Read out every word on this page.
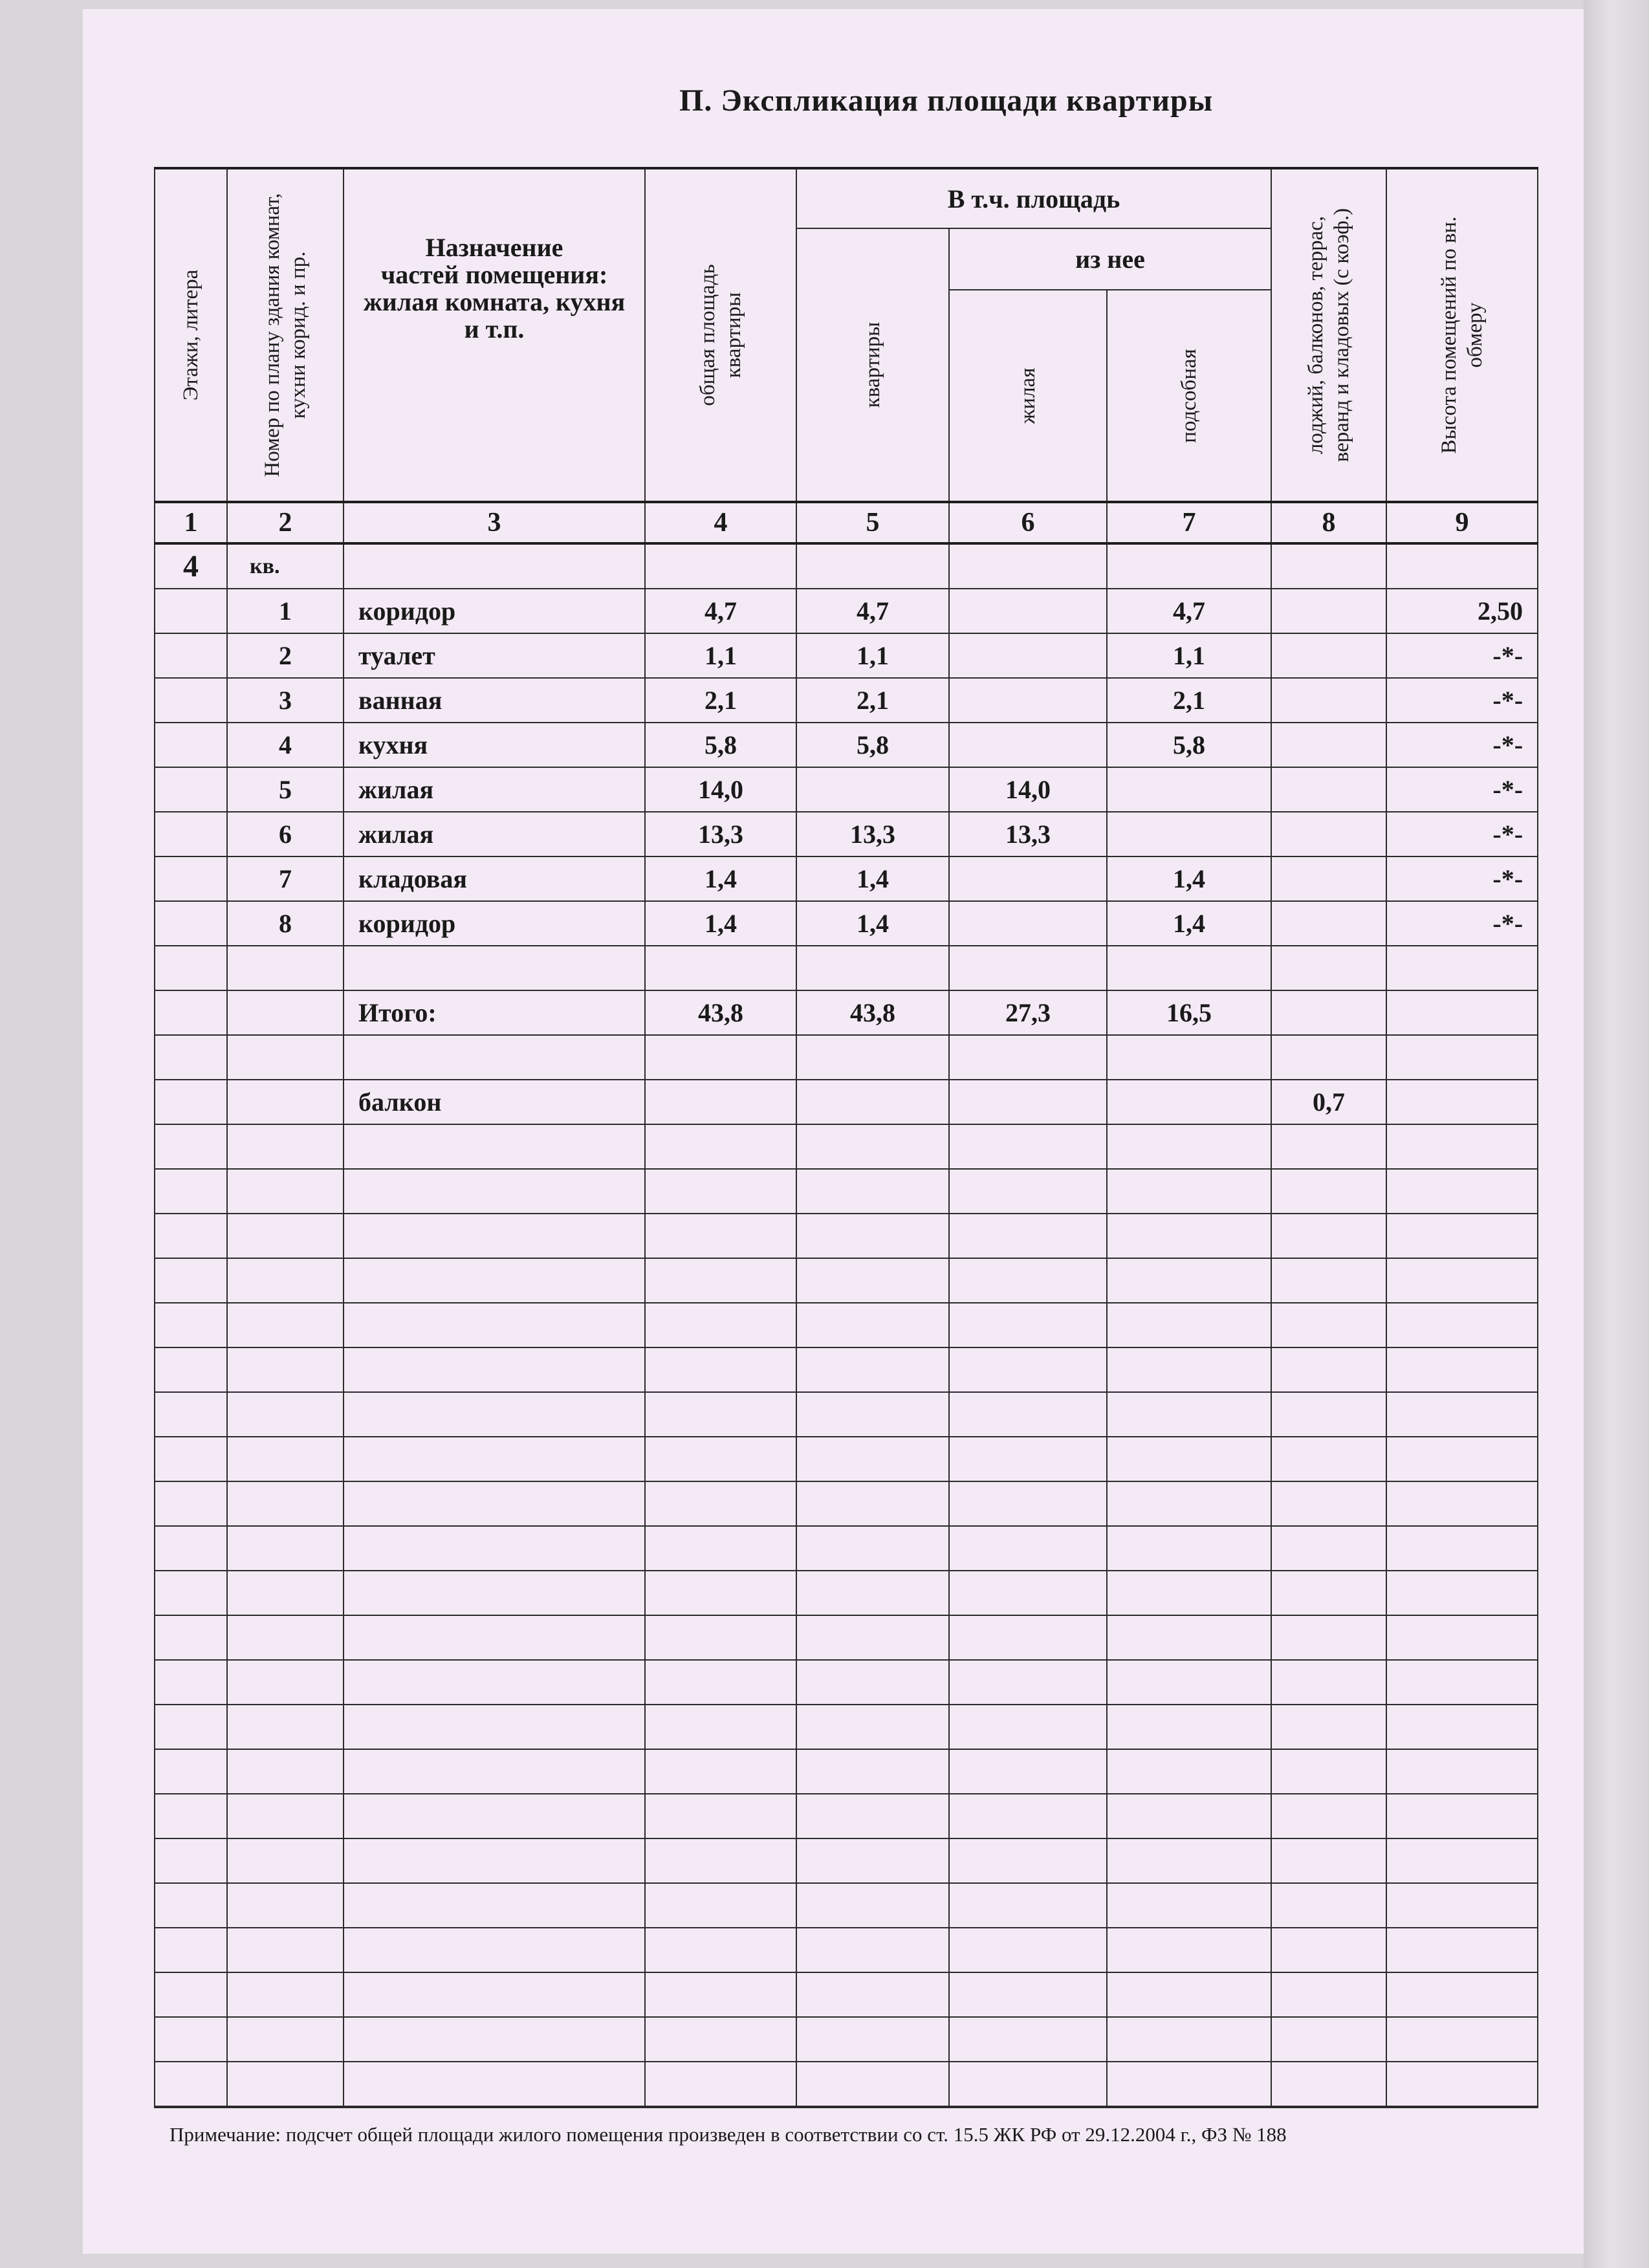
П. Экспликация площади квартиры
Этажи, литера	Номер по плану здания комнат, кухни корид. и пр.	Назначение
частей помещения:
жилая комната, кухня
и т.п.	общая площадь квартиры	В т.ч. площадь			лоджий, балконов, террас, веранд и кладовых (с коэф.)	Высота помещений по вн. обмеру

				квартиры	из нее			

					жилая	подсобная		

1	2	3	4	5	6	7	8	9
4	кв.							
	1	коридор	4,7	4,7		4,7		2,50
	2	туалет	1,1	1,1		1,1		-*-
	3	ванная	2,1	2,1		2,1		-*-
	4	кухня	5,8	5,8		5,8		-*-
	5	жилая	14,0		14,0			-*-
	6	жилая	13,3	13,3	13,3			-*-
	7	кладовая	1,4	1,4		1,4		-*-
	8	коридор	1,4	1,4		1,4		-*-

		Итого:	43,8	43,8	27,3	16,5		

		балкон					0,7	

Примечание: подсчет общей площади жилого помещения произведен в соответствии со ст. 15.5 ЖК РФ от 29.12.2004 г., ФЗ № 188
